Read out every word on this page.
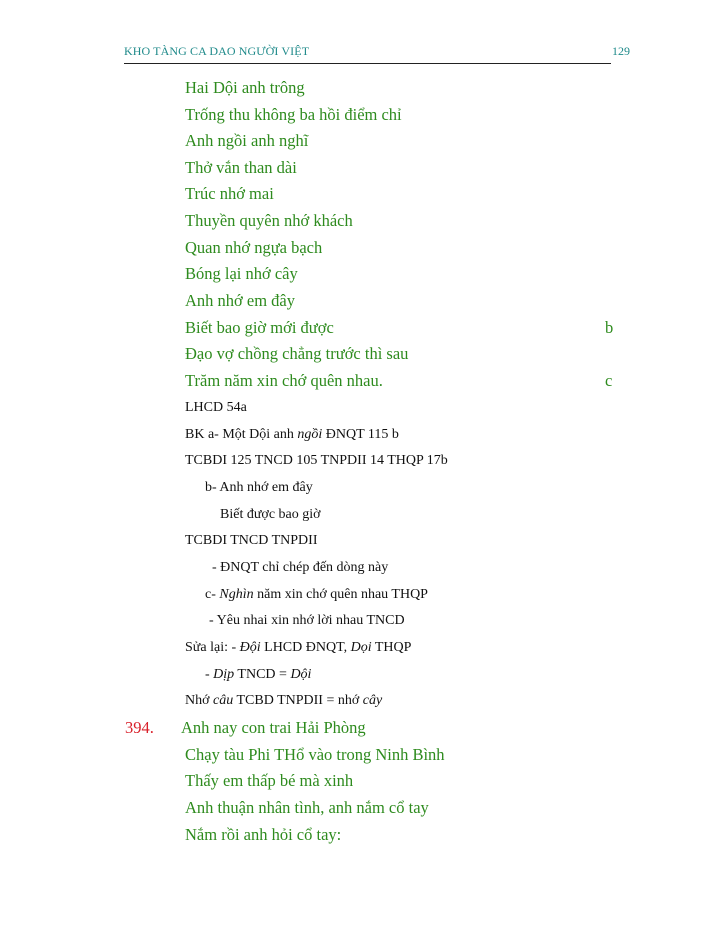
KHO TÀNG CA DAO NGƯỜI VIỆT	129
Hai Dội anh trông
Trống thu không ba hồi điểm chỉ
Anh ngồi anh nghĩ
Thở vắn than dài
Trúc nhớ mai
Thuyền quyên nhớ khách
Quan nhớ ngựa bạch
Bóng lại nhớ cây
Anh nhớ em đây
Biết bao giờ mới được	b
Đạo vợ chồng chẳng trước thì sau
Trăm năm xin chớ quên nhau.	c
LHCD 54a
BK a- Một Dội anh ngồi ĐNQT 115 b
TCBDI 125 TNCD 105 TNPDII 14 THQP 17b
b- Anh nhớ em đây
Biết được bao giờ
TCBDI TNCD TNPDII
- ĐNQT chỉ chép đến dòng này
c- Nghìn năm xin chớ quên nhau THQP
- Yêu nhai xin nhớ lời nhau TNCD
Sửa lại: - Đội LHCD ĐNQT, Dọi THQP
- Dịp TNCD = Dội
Nhớ câu TCBD TNPDII = nhớ cây
394. Anh nay con trai Hải Phòng
Chạy tàu Phi THổ vào trong Ninh Bình
Thấy em thấp bé mà xinh
Anh thuận nhân tình, anh nắm cổ tay
Nắm rồi anh hỏi cổ tay:
